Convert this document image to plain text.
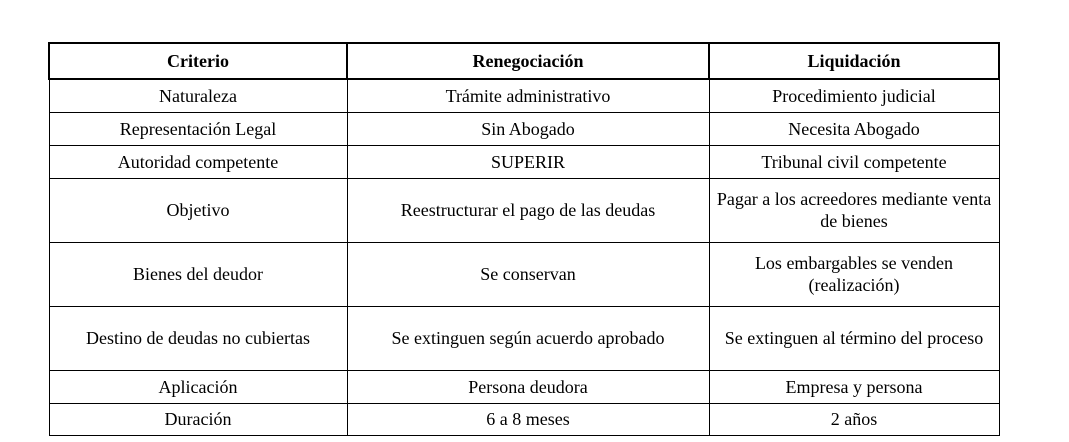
Criterio	Renegociación	Liquidación
Naturaleza	Trámite administrativo	Procedimiento judicial
Representación Legal	Sin Abogado	Necesita Abogado
Autoridad competente	SUPERIR	Tribunal civil competente
Objetivo	Reestructurar el pago de las deudas	Pagar a los acreedores mediante venta de bienes
Bienes del deudor	Se conservan	Los embargables se venden (realización)
Destino de deudas no cubiertas	Se extinguen según acuerdo aprobado	Se extinguen al término del proceso
Aplicación	Persona deudora	Empresa y persona
Duración	6 a 8 meses	2 años
